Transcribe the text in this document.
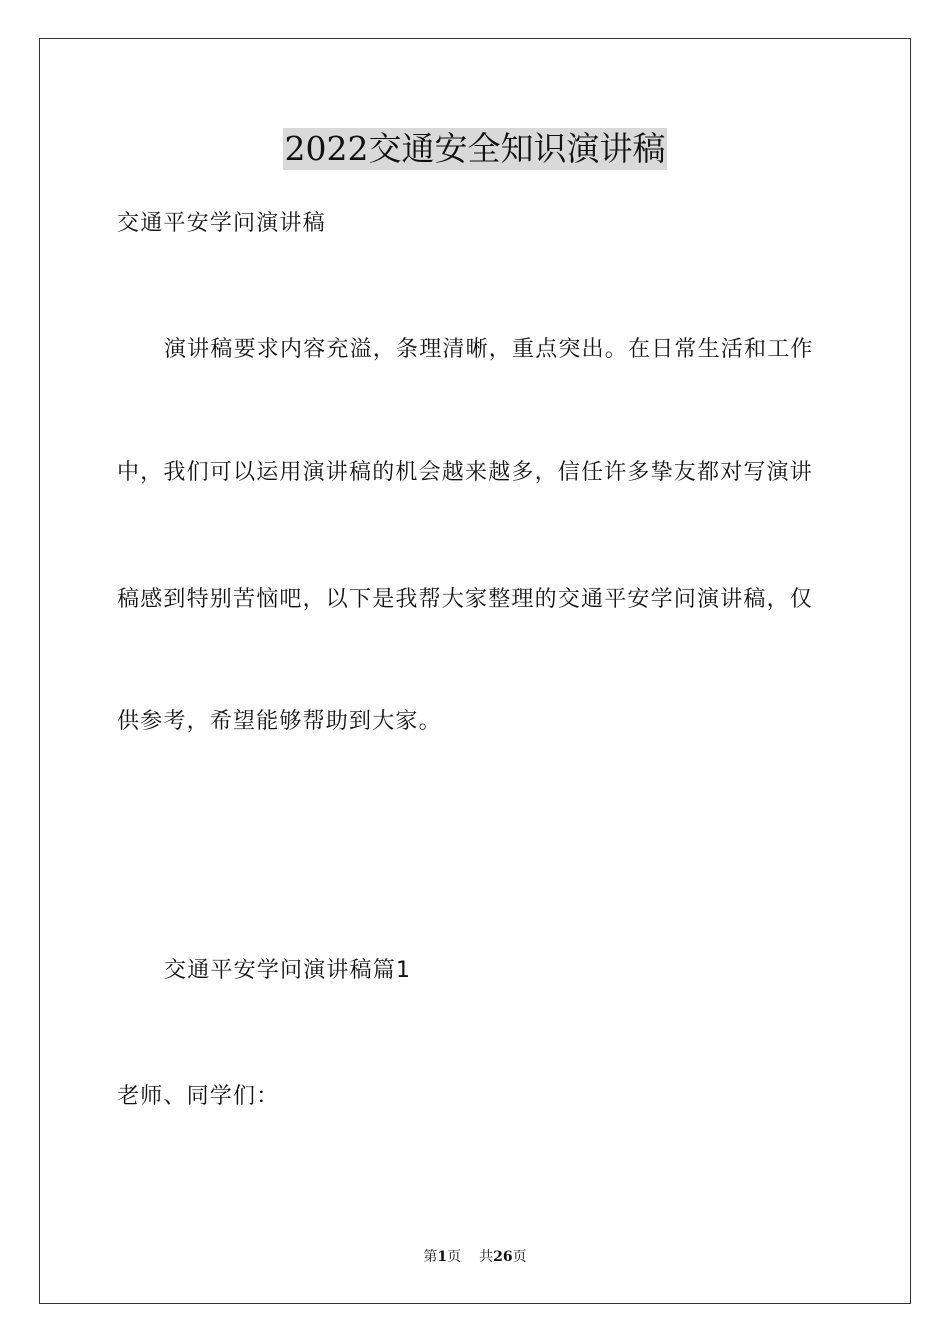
2022交通安全知识演讲稿
交通平安学问演讲稿
演讲稿要求内容充溢，条理清晰，重点突出。在日常生活和工作
中，我们可以运用演讲稿的机会越来越多，信任许多挚友都对写演讲
稿感到特别苦恼吧，以下是我帮大家整理的交通平安学问演讲稿，仅
供参考，希望能够帮助到大家。
交通平安学问演讲稿篇1
老师、同学们：
第1页 共26页
